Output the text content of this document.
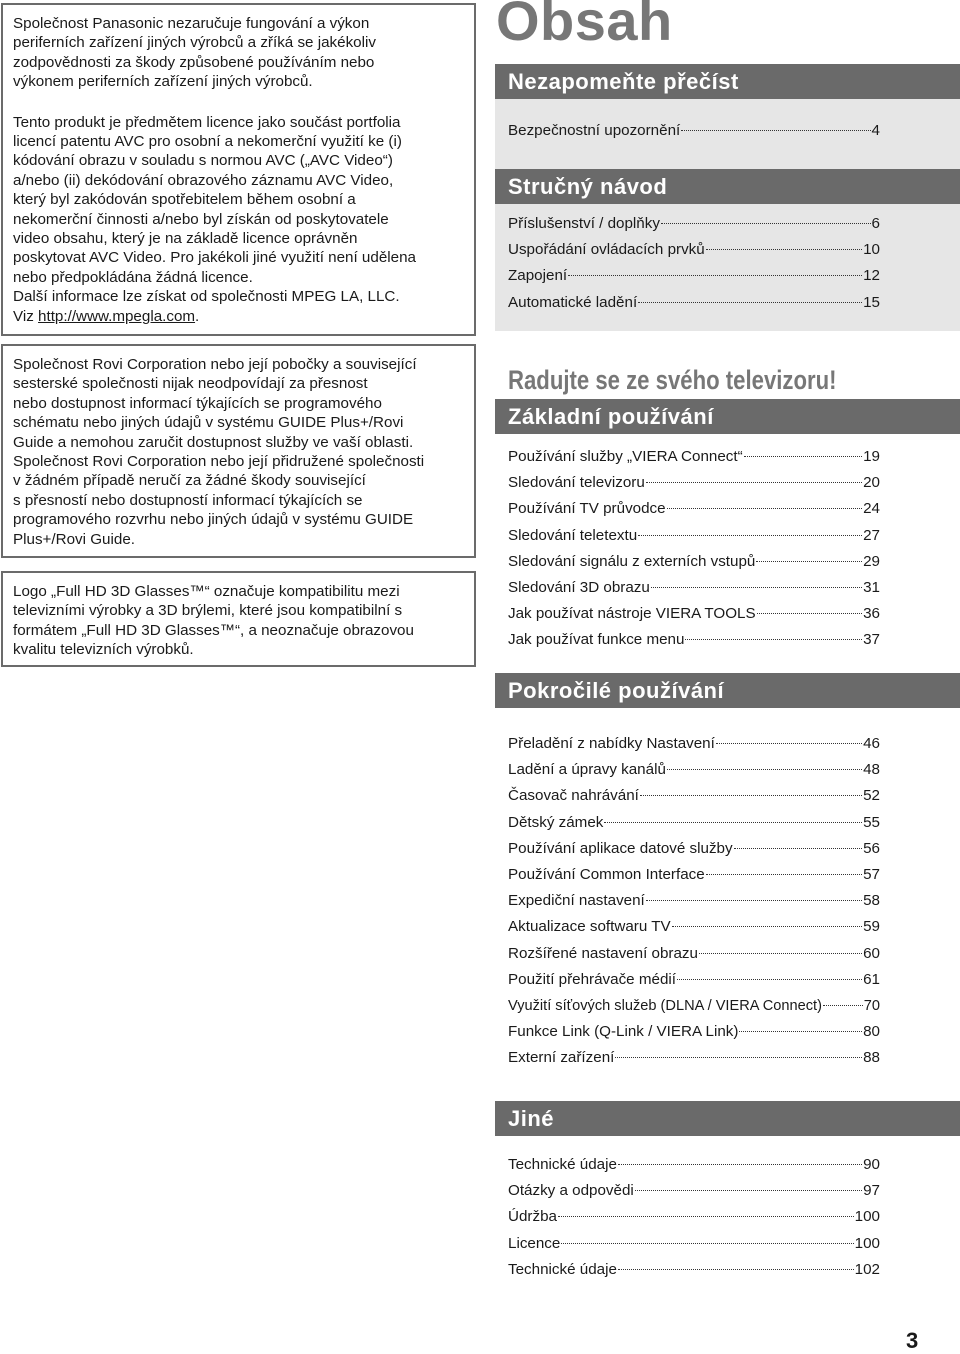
Společnost Panasonic nezaručuje fungování a výkon

periferních zařízení jiných výrobců a zříká se jakékoliv

zodpovědnosti za škody způsobené používáním nebo

výkonem periferních zařízení jiných výrobců.

Tento produkt je předmětem licence jako součást portfolia

licencí patentu AVC pro osobní a nekomerční využití ke (i)

kódování obrazu v souladu s normou AVC („AVC Video“)

a/nebo (ii) dekódování obrazového záznamu AVC Video,

který byl zakódován spotřebitelem během osobní a

nekomerční činnosti a/nebo byl získán od poskytovatele

video obsahu, který je na základě licence oprávněn

poskytovat AVC Video. Pro jakékoli jiné využití není udělena

nebo předpokládána žádná licence.

Další informace lze získat od společnosti MPEG LA, LLC.

Viz http://www.mpegla.com.

Společnost Rovi Corporation nebo její pobočky a související

sesterské společnosti nijak neodpovídají za přesnost

nebo dostupnost informací týkajících se programového

schématu nebo jiných údajů v systému GUIDE Plus+/Rovi

Guide a nemohou zaručit dostupnost služby ve vaší oblasti.

Společnost Rovi Corporation nebo její přidružené společnosti

v žádném případě neručí za žádné škody související

s přesností nebo dostupností informací týkajících se

programového rozvrhu nebo jiných údajů v systému GUIDE

Plus+/Rovi Guide.

Logo „Full HD 3D Glasses™“ označuje kompatibilitu mezi

televizními výrobky a 3D brýlemi, které jsou kompatibilní s

formátem „Full HD 3D Glasses™“, a neoznačuje obrazovou

kvalitu televizních výrobků.

Obsah
Nezapomeňte přečíst
Bezpečnostní upozornění	4
Stručný návod
Příslušenství / doplňky	6
Uspořádání ovládacích prvků	10
Zapojení	12
Automatické ladění	15
Radujte se ze svého televizoru!
Základní používání
Používání služby „VIERA Connect“	19
Sledování televizoru	20
Používání TV průvodce	24
Sledování teletextu	27
Sledování signálu z externích vstupů	29
Sledování 3D obrazu	31
Jak používat nástroje VIERA TOOLS	36
Jak používat funkce menu	37
Pokročilé používání
Přeladění z nabídky Nastavení	46
Ladění a úpravy kanálů	48
Časovač nahrávání	52
Dětský zámek	55
Používání aplikace datové služby	56
Používání Common Interface	57
Expediční nastavení	58
Aktualizace softwaru TV	59
Rozšířené nastavení obrazu	60
Použití přehrávače médií	61
Využití síťových služeb (DLNA / VIERA Connect)	70
Funkce Link (Q-Link / VIERA Link)	80
Externí zařízení	88
Jiné
Technické údaje	90
Otázky a odpovědi	97
Údržba	100
Licence	100
Technické údaje	102
3
